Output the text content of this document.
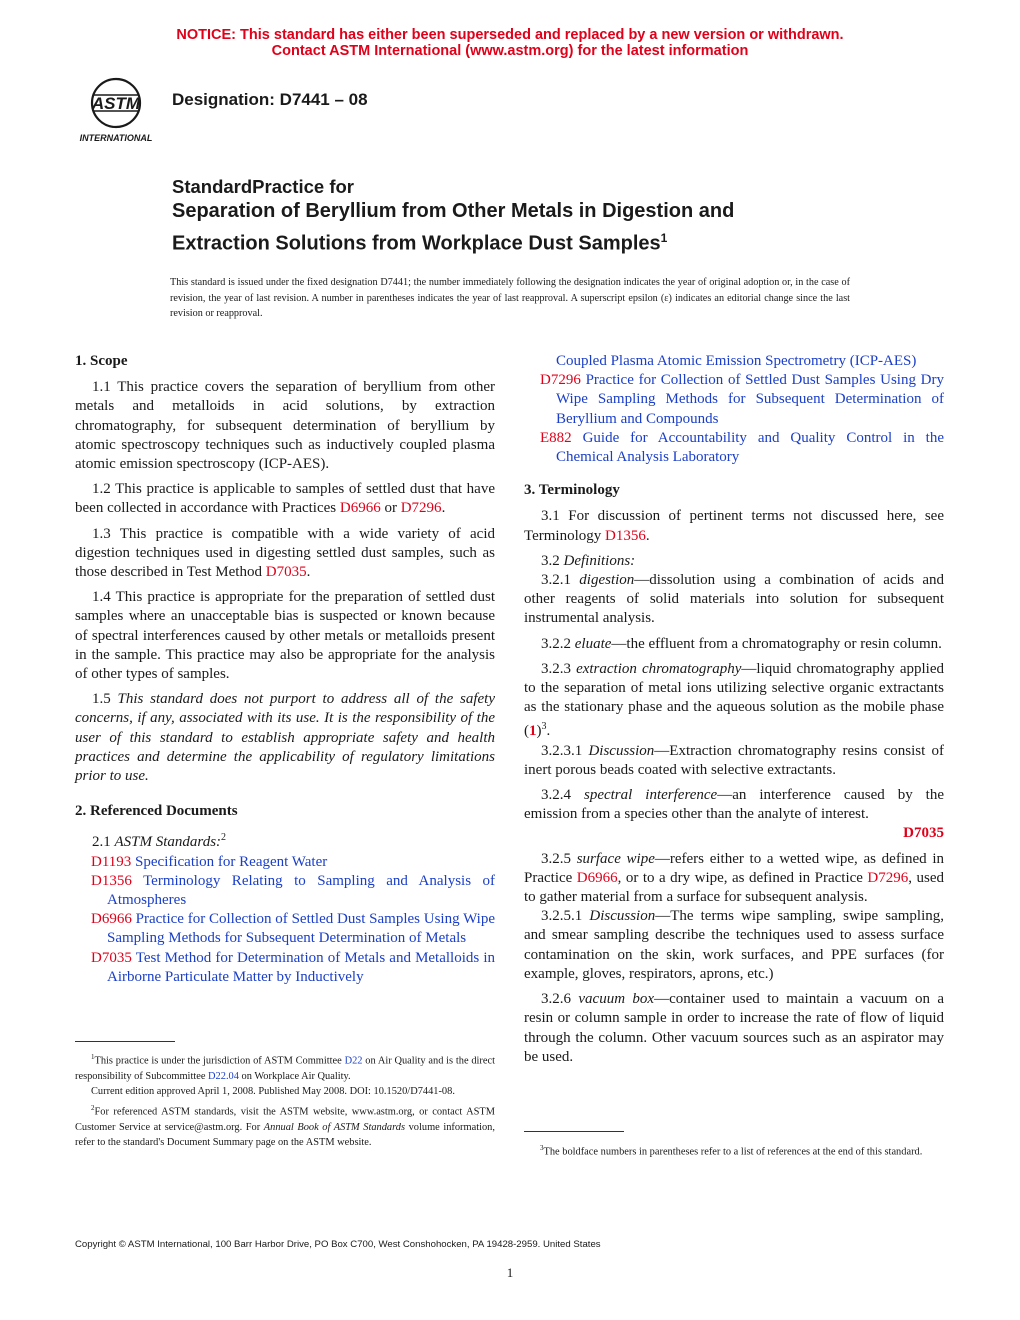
NOTICE: This standard has either been superseded and replaced by a new version or withdrawn.
Contact ASTM International (www.astm.org) for the latest information
ASTM
INTERNATIONAL
Designation: D7441 – 08
StandardPractice for
Separation of Beryllium from Other Metals in Digestion and
Extraction Solutions from Workplace Dust Samples$^1$
This standard is issued under the fixed designation D7441; the number immediately following the designation indicates the year of original adoption or, in the case of revision, the year of last revision. A number in parentheses indicates the year of last reapproval. A superscript epsilon (ε) indicates an editorial change since the last revision or reapproval.
1. Scope

1.1 This practice covers the separation of beryllium from other metals and metalloids in acid solutions, by extraction chromatography, for subsequent determination of beryllium by atomic spectroscopy techniques such as inductively coupled plasma atomic emission spectroscopy (ICP-AES).

1.2 This practice is applicable to samples of settled dust that have been collected in accordance with Practices D6966 or D7296.

1.3 This practice is compatible with a wide variety of acid digestion techniques used in digesting settled dust samples, such as those described in Test Method D7035.

1.4 This practice is appropriate for the preparation of settled dust samples where an unacceptable bias is suspected or known because of spectral interferences caused by other metals or metalloids present in the sample. This practice may also be appropriate for the analysis of other types of samples.

1.5 This standard does not purport to address all of the safety concerns, if any, associated with its use. It is the responsibility of the user of this standard to establish appropriate safety and health practices and determine the applicability of regulatory limitations prior to use.

2. Referenced Documents

2.1 ASTM Standards:$^2$

D1193 Specification for Reagent Water

D1356 Terminology Relating to Sampling and Analysis of Atmospheres

D6966 Practice for Collection of Settled Dust Samples Using Wipe Sampling Methods for Subsequent Determination of Metals

D7035 Test Method for Determination of Metals and Metalloids in Airborne Particulate Matter by Inductively

$^1$This practice is under the jurisdiction of ASTM Committee D22 on Air Quality and is the direct responsibility of Subcommittee D22.04 on Workplace Air Quality.

Current edition approved April 1, 2008. Published May 2008. DOI: 10.1520/D7441-08.

$^2$For referenced ASTM standards, visit the ASTM website, www.astm.org, or contact ASTM Customer Service at service@astm.org. For Annual Book of ASTM Standards volume information, refer to the standard's Document Summary page on the ASTM website.

Coupled Plasma Atomic Emission Spectrometry (ICP-AES)

D7296 Practice for Collection of Settled Dust Samples Using Dry Wipe Sampling Methods for Subsequent Determination of Beryllium and Compounds

E882 Guide for Accountability and Quality Control in the Chemical Analysis Laboratory

3. Terminology

3.1 For discussion of pertinent terms not discussed here, see Terminology D1356.

3.2 Definitions:

3.2.1 digestion—dissolution using a combination of acids and other reagents of solid materials into solution for subsequent instrumental analysis.

3.2.2 eluate—the effluent from a chromatography or resin column.

3.2.3 extraction chromatography—liquid chromatography applied to the separation of metal ions utilizing selective organic extractants as the stationary phase and the aqueous solution as the mobile phase $(1)^3$.

3.2.3.1 Discussion—Extraction chromatography resins consist of inert porous beads coated with selective extractants.

3.2.4 spectral interference—an interference caused by the emission from a species other than the analyte of interest.

D7035

3.2.5 surface wipe—refers either to a wetted wipe, as defined in Practice D6966, or to a dry wipe, as defined in Practice D7296, used to gather material from a surface for subsequent analysis.

3.2.5.1 Discussion—The terms wipe sampling, swipe sampling, and smear sampling describe the techniques used to assess surface contamination on the skin, work surfaces, and PPE surfaces (for example, gloves, respirators, aprons, etc.)

3.2.6 vacuum box—container used to maintain a vacuum on a resin or column sample in order to increase the rate of flow of liquid through the column. Other vacuum sources such as an aspirator may be used.

$^3$The boldface numbers in parentheses refer to a list of references at the end of this standard.

Copyright © ASTM International, 100 Barr Harbor Drive, PO Box C700, West Conshohocken, PA 19428-2959. United States
1
